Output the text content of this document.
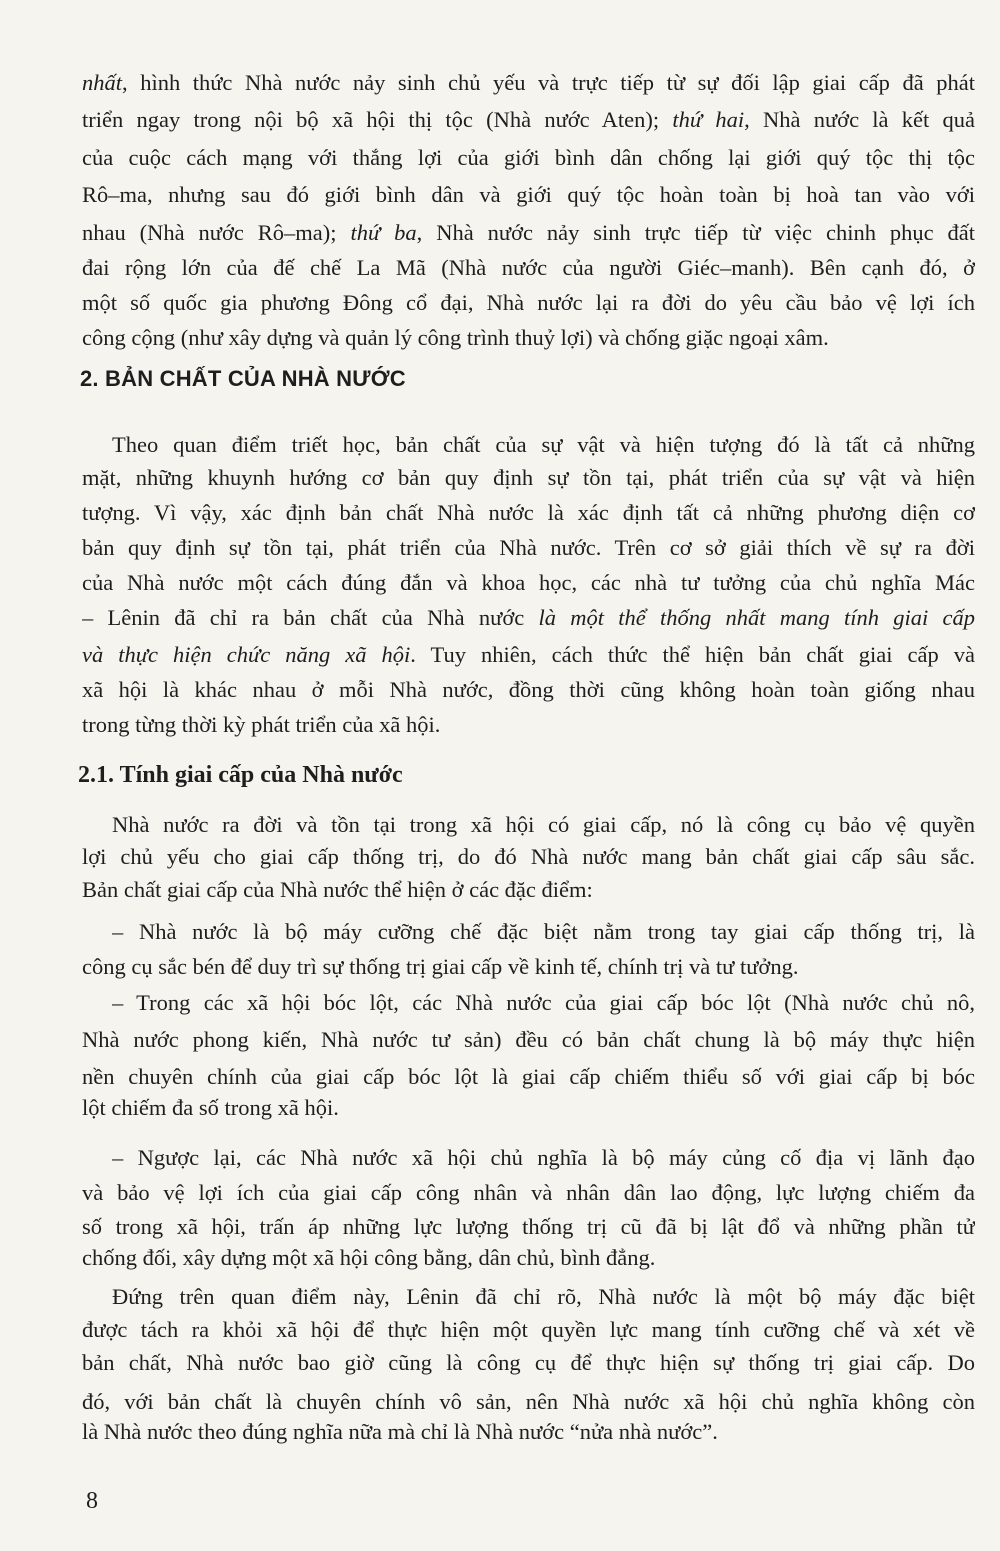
nhất, hình thức Nhà nước nảy sinh chủ yếu và trực tiếp từ sự đối lập giai cấp đã phát
triển ngay trong nội bộ xã hội thị tộc (Nhà nước Aten); thứ hai, Nhà nước là kết quả
của cuộc cách mạng với thắng lợi của giới bình dân chống lại giới quý tộc thị tộc
Rô–ma, nhưng sau đó giới bình dân và giới quý tộc hoàn toàn bị hoà tan vào với
nhau (Nhà nước Rô–ma); thứ ba, Nhà nước nảy sinh trực tiếp từ việc chinh phục đất
đai rộng lớn của đế chế La Mã (Nhà nước của người Giéc–manh). Bên cạnh đó, ở
một số quốc gia phương Đông cổ đại, Nhà nước lại ra đời do yêu cầu bảo vệ lợi ích
công cộng (như xây dựng và quản lý công trình thuỷ lợi) và chống giặc ngoại xâm.
2. BẢN CHẤT CỦA NHÀ NƯỚC
Theo quan điểm triết học, bản chất của sự vật và hiện tượng đó là tất cả những
mặt, những khuynh hướng cơ bản quy định sự tồn tại, phát triển của sự vật và hiện
tượng. Vì vậy, xác định bản chất Nhà nước là xác định tất cả những phương diện cơ
bản quy định sự tồn tại, phát triển của Nhà nước. Trên cơ sở giải thích về sự ra đời
của Nhà nước một cách đúng đắn và khoa học, các nhà tư tưởng của chủ nghĩa Mác
– Lênin đã chỉ ra bản chất của Nhà nước là một thể thống nhất mang tính giai cấp
và thực hiện chức năng xã hội. Tuy nhiên, cách thức thể hiện bản chất giai cấp và
xã hội là khác nhau ở mỗi Nhà nước, đồng thời cũng không hoàn toàn giống nhau
trong từng thời kỳ phát triển của xã hội.
2.1. Tính giai cấp của Nhà nước
Nhà nước ra đời và tồn tại trong xã hội có giai cấp, nó là công cụ bảo vệ quyền
lợi chủ yếu cho giai cấp thống trị, do đó Nhà nước mang bản chất giai cấp sâu sắc.
Bản chất giai cấp của Nhà nước thể hiện ở các đặc điểm:
– Nhà nước là bộ máy cưỡng chế đặc biệt nằm trong tay giai cấp thống trị, là
công cụ sắc bén để duy trì sự thống trị giai cấp về kinh tế, chính trị và tư tưởng.
– Trong các xã hội bóc lột, các Nhà nước của giai cấp bóc lột (Nhà nước chủ nô,
Nhà nước phong kiến, Nhà nước tư sản) đều có bản chất chung là bộ máy thực hiện
nền chuyên chính của giai cấp bóc lột là giai cấp chiếm thiểu số với giai cấp bị bóc
lột chiếm đa số trong xã hội.
– Ngược lại, các Nhà nước xã hội chủ nghĩa là bộ máy củng cố địa vị lãnh đạo
và bảo vệ lợi ích của giai cấp công nhân và nhân dân lao động, lực lượng chiếm đa
số trong xã hội, trấn áp những lực lượng thống trị cũ đã bị lật đổ và những phần tử
chống đối, xây dựng một xã hội công bằng, dân chủ, bình đẳng.
Đứng trên quan điểm này, Lênin đã chỉ rõ, Nhà nước là một bộ máy đặc biệt
được tách ra khỏi xã hội để thực hiện một quyền lực mang tính cưỡng chế và xét về
bản chất, Nhà nước bao giờ cũng là công cụ để thực hiện sự thống trị giai cấp. Do
đó, với bản chất là chuyên chính vô sản, nên Nhà nước xã hội chủ nghĩa không còn
là Nhà nước theo đúng nghĩa nữa mà chỉ là Nhà nước “nửa nhà nước”.
8
